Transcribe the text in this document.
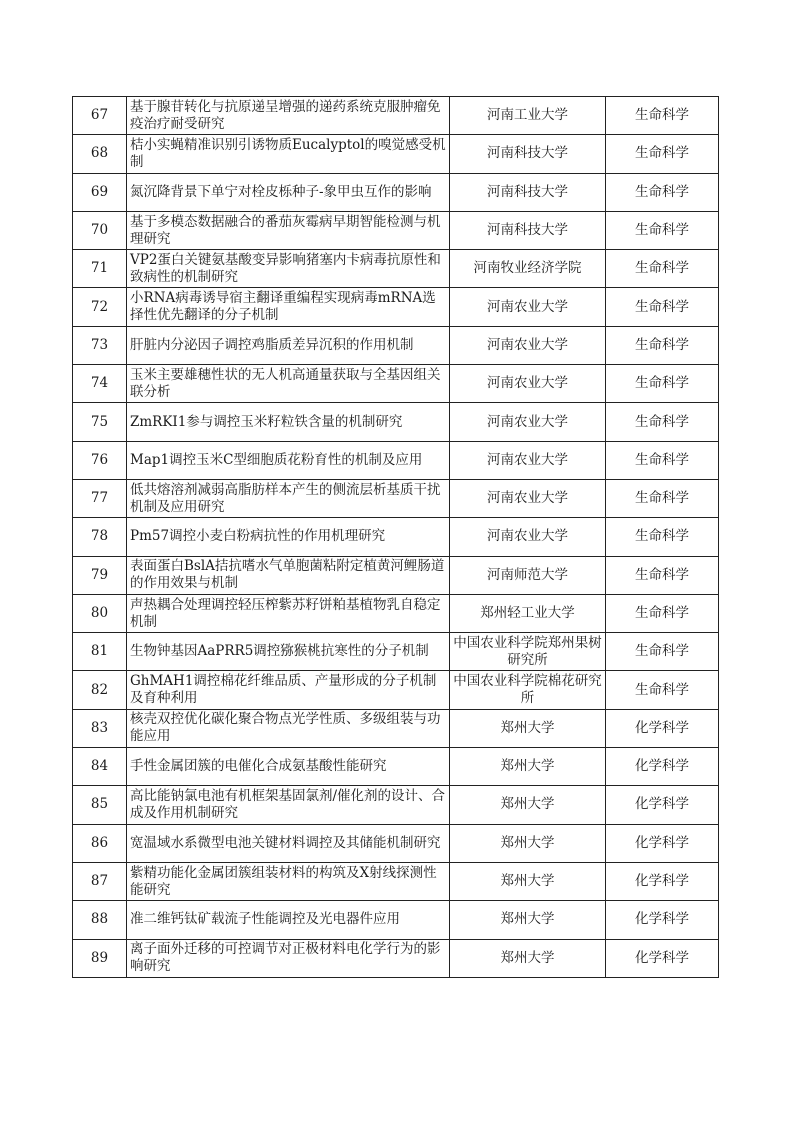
67	基于腺苷转化与抗原递呈增强的递药系统克服肿瘤免疫治疗耐受研究	河南工业大学	生命科学
68	桔小实蝇精准识别引诱物质Eucalyptol的嗅觉感受机制	河南科技大学	生命科学
69	氮沉降背景下单宁对栓皮栎种子-象甲虫互作的影响	河南科技大学	生命科学
70	基于多模态数据融合的番茄灰霉病早期智能检测与机理研究	河南科技大学	生命科学
71	VP2蛋白关键氨基酸变异影响猪塞内卡病毒抗原性和致病性的机制研究	河南牧业经济学院	生命科学
72	小RNA病毒诱导宿主翻译重编程实现病毒mRNA选择性优先翻译的分子机制	河南农业大学	生命科学
73	肝脏内分泌因子调控鸡脂质差异沉积的作用机制	河南农业大学	生命科学
74	玉米主要雄穗性状的无人机高通量获取与全基因组关联分析	河南农业大学	生命科学
75	ZmRKI1参与调控玉米籽粒铁含量的机制研究	河南农业大学	生命科学
76	Map1调控玉米C型细胞质花粉育性的机制及应用	河南农业大学	生命科学
77	低共熔溶剂减弱高脂肪样本产生的侧流层析基质干扰机制及应用研究	河南农业大学	生命科学
78	Pm57调控小麦白粉病抗性的作用机理研究	河南农业大学	生命科学
79	表面蛋白BslA拮抗嗜水气单胞菌粘附定植黄河鲤肠道的作用效果与机制	河南师范大学	生命科学
80	声热耦合处理调控轻压榨紫苏籽饼粕基植物乳自稳定机制	郑州轻工业大学	生命科学
81	生物钟基因AaPRR5调控猕猴桃抗寒性的分子机制	中国农业科学院郑州果树研究所	生命科学
82	GhMAH1调控棉花纤维品质、产量形成的分子机制及育种利用	中国农业科学院棉花研究所	生命科学
83	核壳双控优化碳化聚合物点光学性质、多级组装与功能应用	郑州大学	化学科学
84	手性金属团簇的电催化合成氨基酸性能研究	郑州大学	化学科学
85	高比能钠氯电池有机框架基固氯剂/催化剂的设计、合成及作用机制研究	郑州大学	化学科学
86	宽温域水系微型电池关键材料调控及其储能机制研究	郑州大学	化学科学
87	紫精功能化金属团簇组装材料的构筑及X射线探测性能研究	郑州大学	化学科学
88	准二维钙钛矿载流子性能调控及光电器件应用	郑州大学	化学科学
89	离子面外迁移的可控调节对正极材料电化学行为的影响研究	郑州大学	化学科学
